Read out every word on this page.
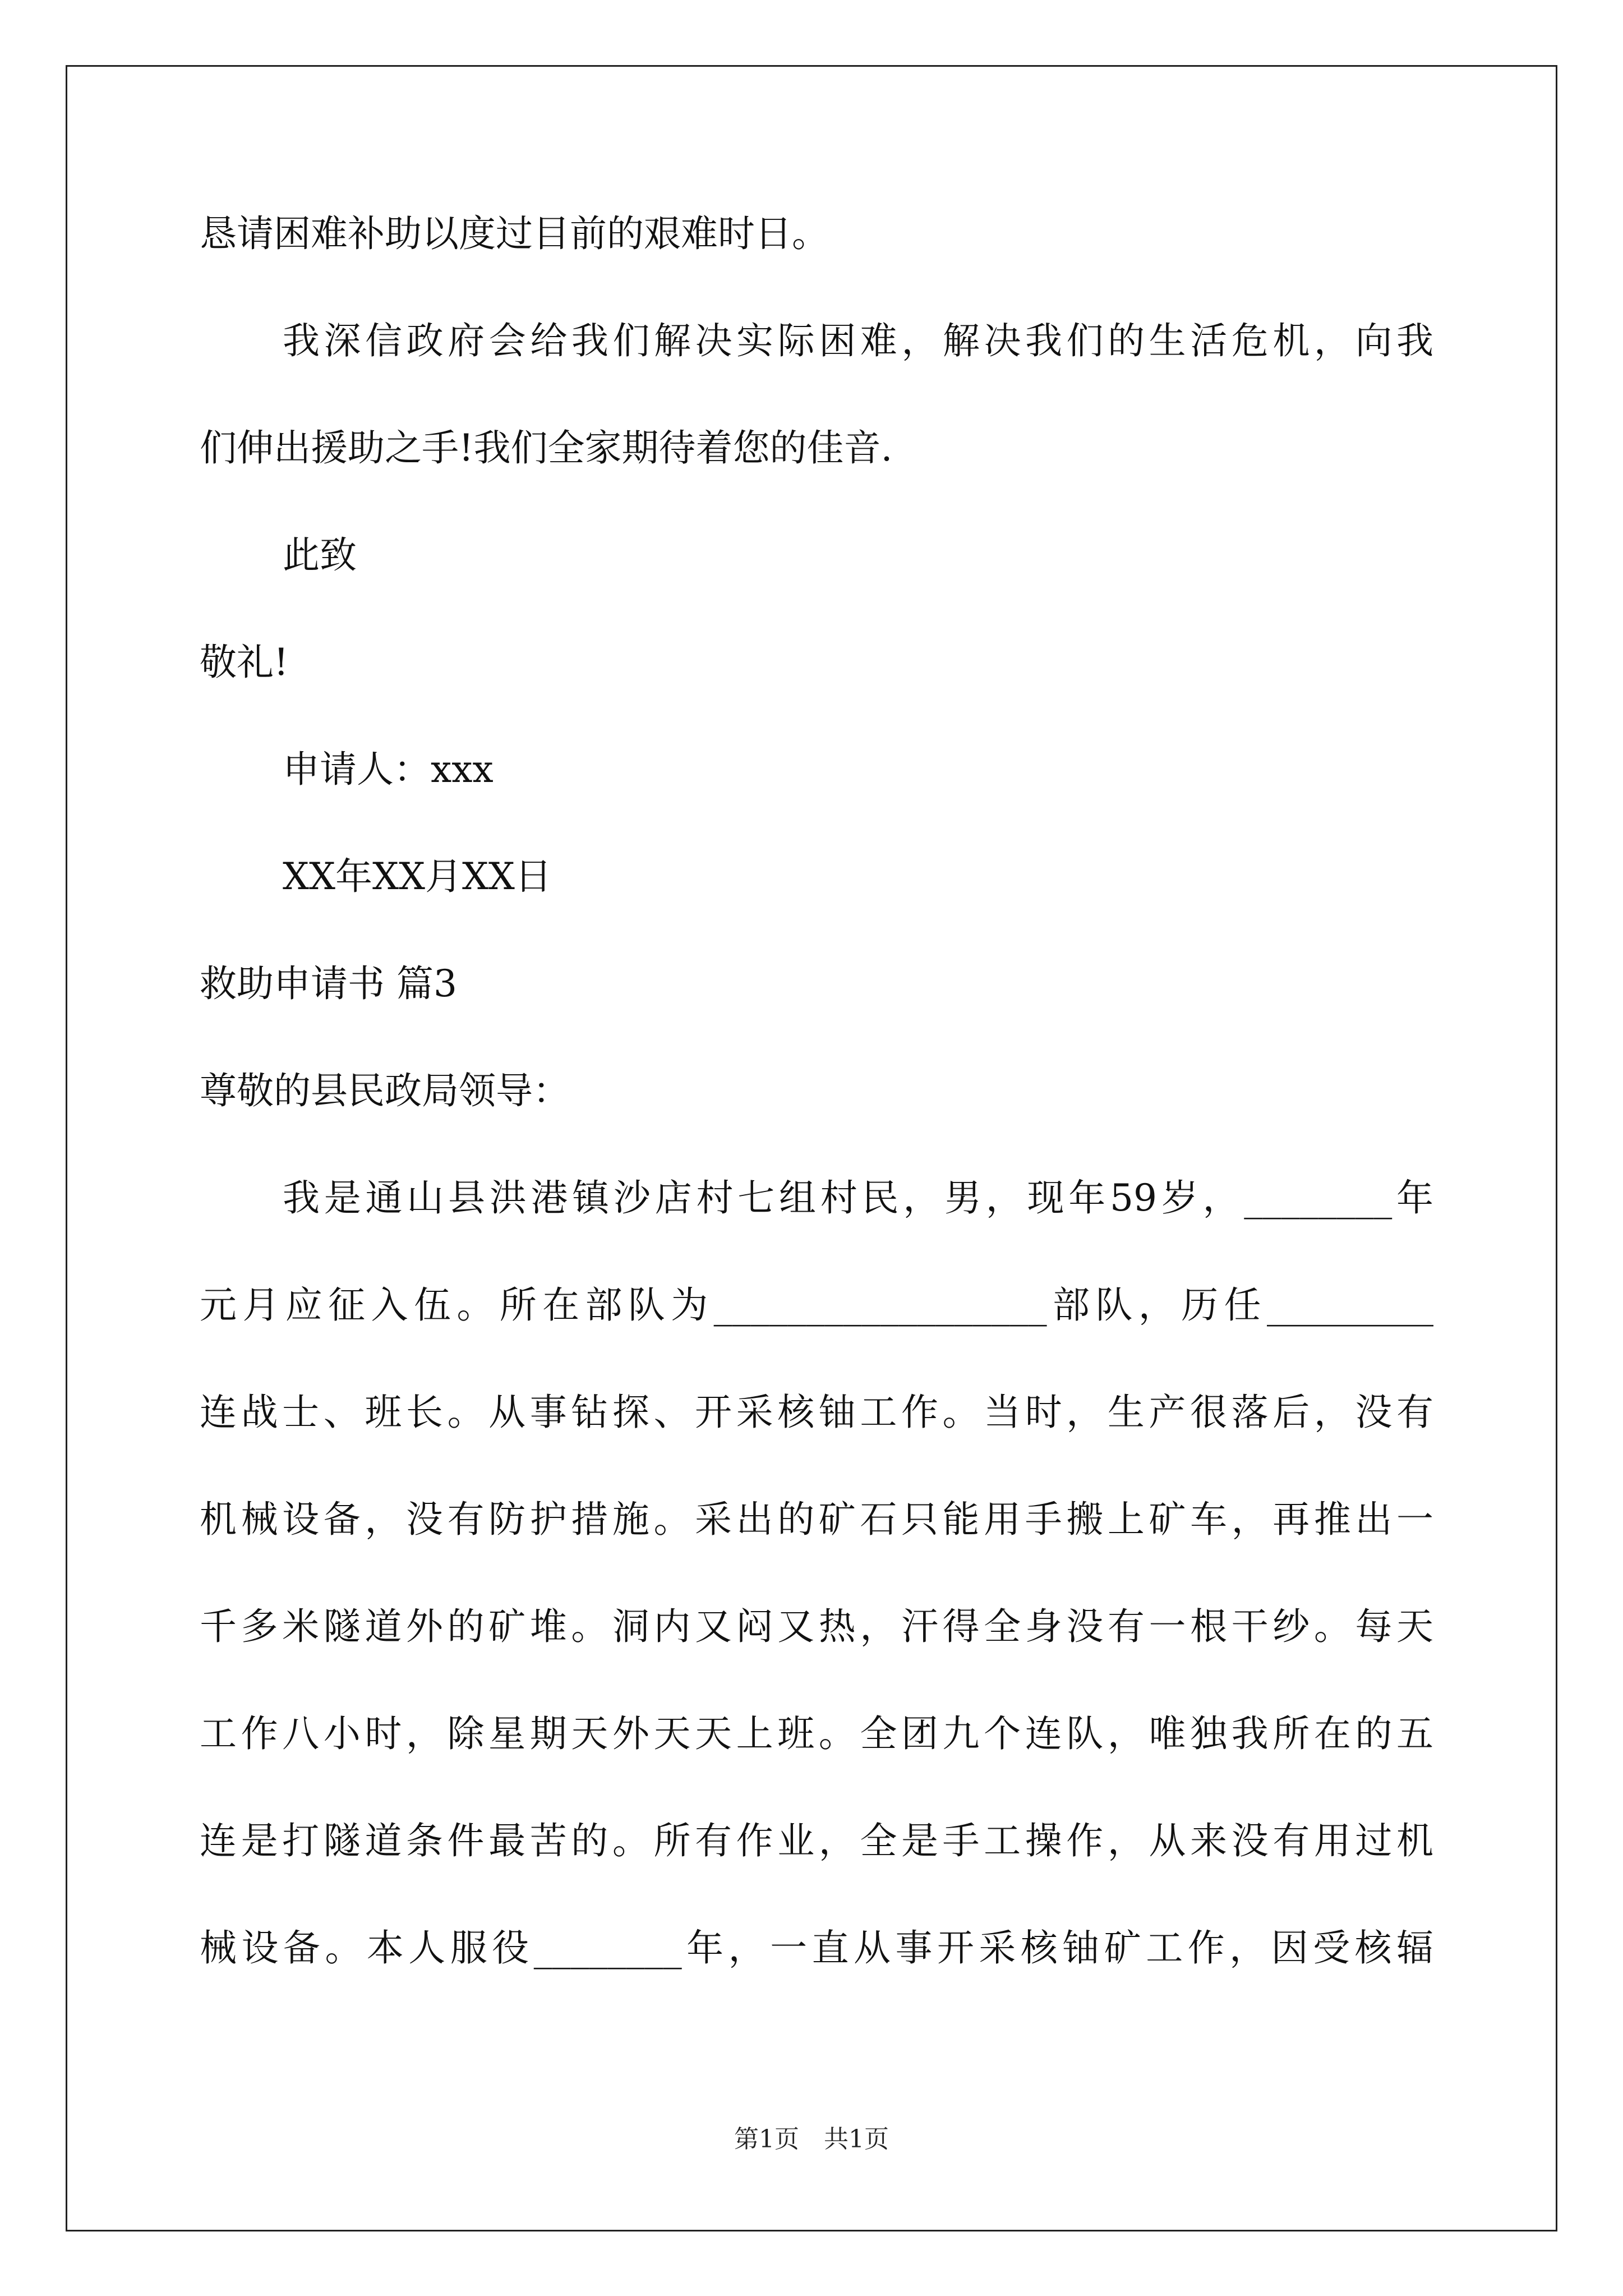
恳请困难补助以度过目前的艰难时日。
我深信政府会给我们解决实际困难，解决我们的生活危机，向我
们伸出援助之手!我们全家期待着您的佳音.
此致
敬礼!
申请人：xxx
XX年XX月XX日
救助申请书 篇3
尊敬的县民政局领导：
我是通山县洪港镇沙店村七组村民，男，现年59岁，________年
元月应征入伍。所在部队为__________________部队，历任_________
连战士、班长。从事钻探、开采核铀工作。当时，生产很落后，没有
机械设备，没有防护措施。采出的矿石只能用手搬上矿车，再推出一
千多米隧道外的矿堆。洞内又闷又热，汗得全身没有一根干纱。每天
工作八小时，除星期天外天天上班。全团九个连队，唯独我所在的五
连是打隧道条件最苦的。所有作业，全是手工操作，从来没有用过机
械设备。本人服役________年，一直从事开采核铀矿工作，因受核辐
第1页　共1页
